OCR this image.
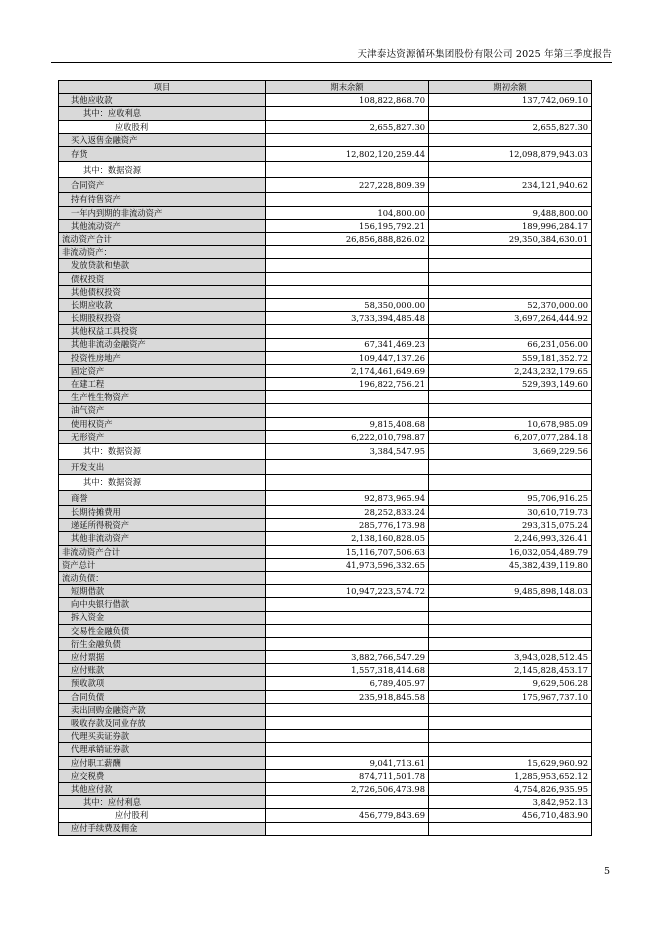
天津泰达资源循环集团股份有限公司 2025 年第三季度报告
项目	期末余额	期初余额
其他应收款	108,822,868.70	137,742,069.10
其中：应收利息		
应收股利	2,655,827.30	2,655,827.30
买入返售金融资产		
存货	12,802,120,259.44	12,098,879,943.03
其中：数据资源		
合同资产	227,228,809.39	234,121,940.62
持有待售资产		
一年内到期的非流动资产	104,800.00	9,488,800.00
其他流动资产	156,195,792.21	189,996,284.17
流动资产合计	26,856,888,826.02	29,350,384,630.01
非流动资产：		
发放贷款和垫款		
债权投资		
其他债权投资		
长期应收款	58,350,000.00	52,370,000.00
长期股权投资	3,733,394,485.48	3,697,264,444.92
其他权益工具投资		
其他非流动金融资产	67,341,469.23	66,231,056.00
投资性房地产	109,447,137.26	559,181,352.72
固定资产	2,174,461,649.69	2,243,232,179.65
在建工程	196,822,756.21	529,393,149.60
生产性生物资产		
油气资产		
使用权资产	9,815,408.68	10,678,985.09
无形资产	6,222,010,798.87	6,207,077,284.18
其中：数据资源	3,384,547.95	3,669,229.56
开发支出		
其中：数据资源		
商誉	92,873,965.94	95,706,916.25
长期待摊费用	28,252,833.24	30,610,719.73
递延所得税资产	285,776,173.98	293,315,075.24
其他非流动资产	2,138,160,828.05	2,246,993,326.41
非流动资产合计	15,116,707,506.63	16,032,054,489.79
资产总计	41,973,596,332.65	45,382,439,119.80
流动负债：		
短期借款	10,947,223,574.72	9,485,898,148.03
向中央银行借款		
拆入资金		
交易性金融负债		
衍生金融负债		
应付票据	3,882,766,547.29	3,943,028,512.45
应付账款	1,557,318,414.68	2,145,828,453.17
预收款项	6,789,405.97	9,629,506.28
合同负债	235,918,845.58	175,967,737.10
卖出回购金融资产款		
吸收存款及同业存放		
代理买卖证券款		
代理承销证券款		
应付职工薪酬	9,041,713.61	15,629,960.92
应交税费	874,711,501.78	1,285,953,652.12
其他应付款	2,726,506,473.98	4,754,826,935.95
其中：应付利息		3,842,952.13
应付股利	456,779,843.69	456,710,483.90
应付手续费及佣金		
5
